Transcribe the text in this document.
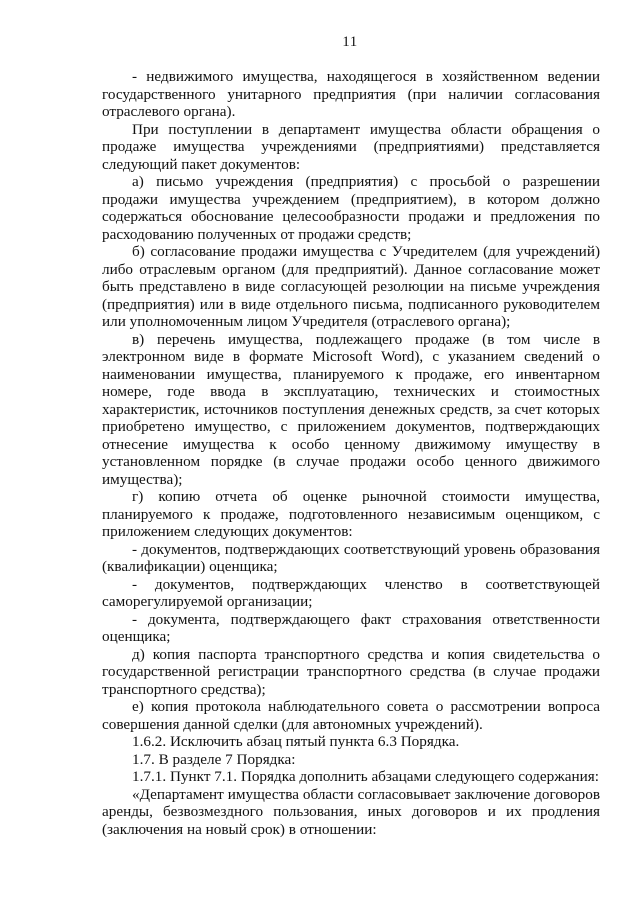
11

- недвижимого имущества, находящегося в хозяйственном ведении государственного унитарного предприятия (при наличии согласования отраслевого органа).

При поступлении в департамент имущества области обращения о продаже имущества учреждениями (предприятиями) представляется следующий пакет документов:

а) письмо учреждения (предприятия) с просьбой о разрешении продажи имущества учреждением (предприятием), в котором должно содержаться обоснование целесообразности продажи и предложения по расходованию полученных от продажи средств;

б) согласование продажи имущества с Учредителем (для учреждений) либо отраслевым органом (для предприятий). Данное согласование может быть представлено в виде согласующей резолюции на письме учреждения (предприятия) или в виде отдельного письма, подписанного руководителем или уполномоченным лицом Учредителя (отраслевого органа);

в) перечень имущества, подлежащего продаже (в том числе в электронном виде в формате Microsoft Word), с указанием сведений о наименовании имущества, планируемого к продаже, его инвентарном номере, годе ввода в эксплуатацию, технических и стоимостных характеристик, источников поступления денежных средств, за счет которых приобретено имущество, с приложением документов, подтверждающих отнесение имущества к особо ценному движимому имуществу в установленном порядке (в случае продажи особо ценного движимого имущества);

г) копию отчета об оценке рыночной стоимости имущества, планируемого к продаже, подготовленного независимым оценщиком, с приложением следующих документов:

- документов, подтверждающих соответствующий уровень образования (квалификации) оценщика;

- документов, подтверждающих членство в соответствующей саморегулируемой организации;

- документа, подтверждающего факт страхования ответственности оценщика;

д) копия паспорта транспортного средства и копия свидетельства о государственной регистрации транспортного средства (в случае продажи транспортного средства);

е) копия протокола наблюдательного совета о рассмотрении вопроса совершения данной сделки (для автономных учреждений).

1.6.2. Исключить абзац пятый пункта 6.3 Порядка.

1.7. В разделе 7 Порядка:

1.7.1. Пункт 7.1. Порядка дополнить абзацами следующего содержания:

«Департамент имущества области согласовывает заключение договоров аренды, безвозмездного пользования, иных договоров и их продления (заключения на новый срок) в отношении:
